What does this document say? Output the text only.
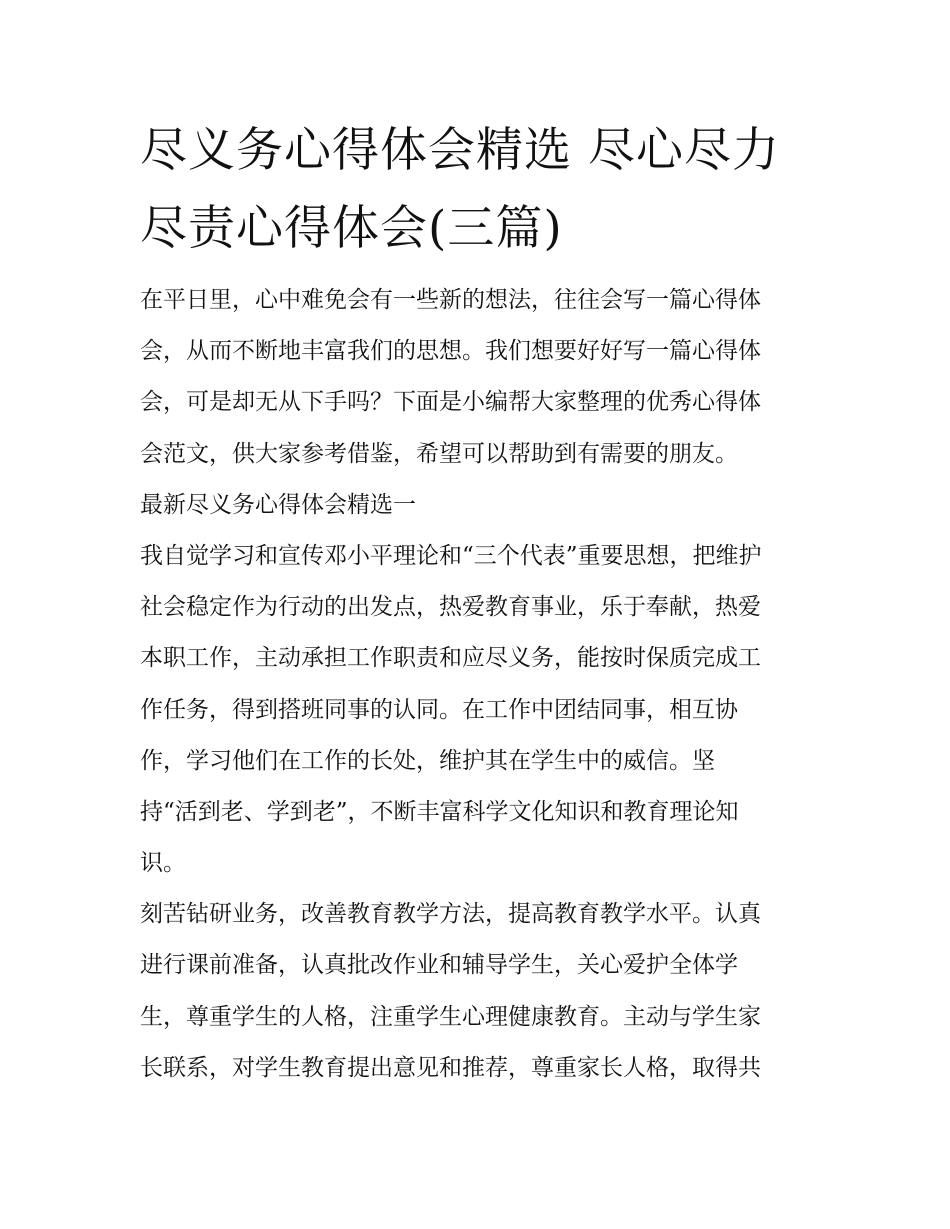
尽义务心得体会精选 尽心尽力
尽责心得体会(三篇)
在平日里，心中难免会有一些新的想法，往往会写一篇心得体
会，从而不断地丰富我们的思想。我们想要好好写一篇心得体
会，可是却无从下手吗？下面是小编帮大家整理的优秀心得体
会范文，供大家参考借鉴，希望可以帮助到有需要的朋友。
最新尽义务心得体会精选一
我自觉学习和宣传邓小平理论和“三个代表”重要思想，把维护
社会稳定作为行动的出发点，热爱教育事业，乐于奉献，热爱
本职工作，主动承担工作职责和应尽义务，能按时保质完成工
作任务，得到搭班同事的认同。在工作中团结同事，相互协
作，学习他们在工作的长处，维护其在学生中的威信。坚
持“活到老、学到老”，不断丰富科学文化知识和教育理论知
识。
刻苦钻研业务，改善教育教学方法，提高教育教学水平。认真
进行课前准备，认真批改作业和辅导学生，关心爱护全体学
生，尊重学生的人格，注重学生心理健康教育。主动与学生家
长联系，对学生教育提出意见和推荐，尊重家长人格，取得共
